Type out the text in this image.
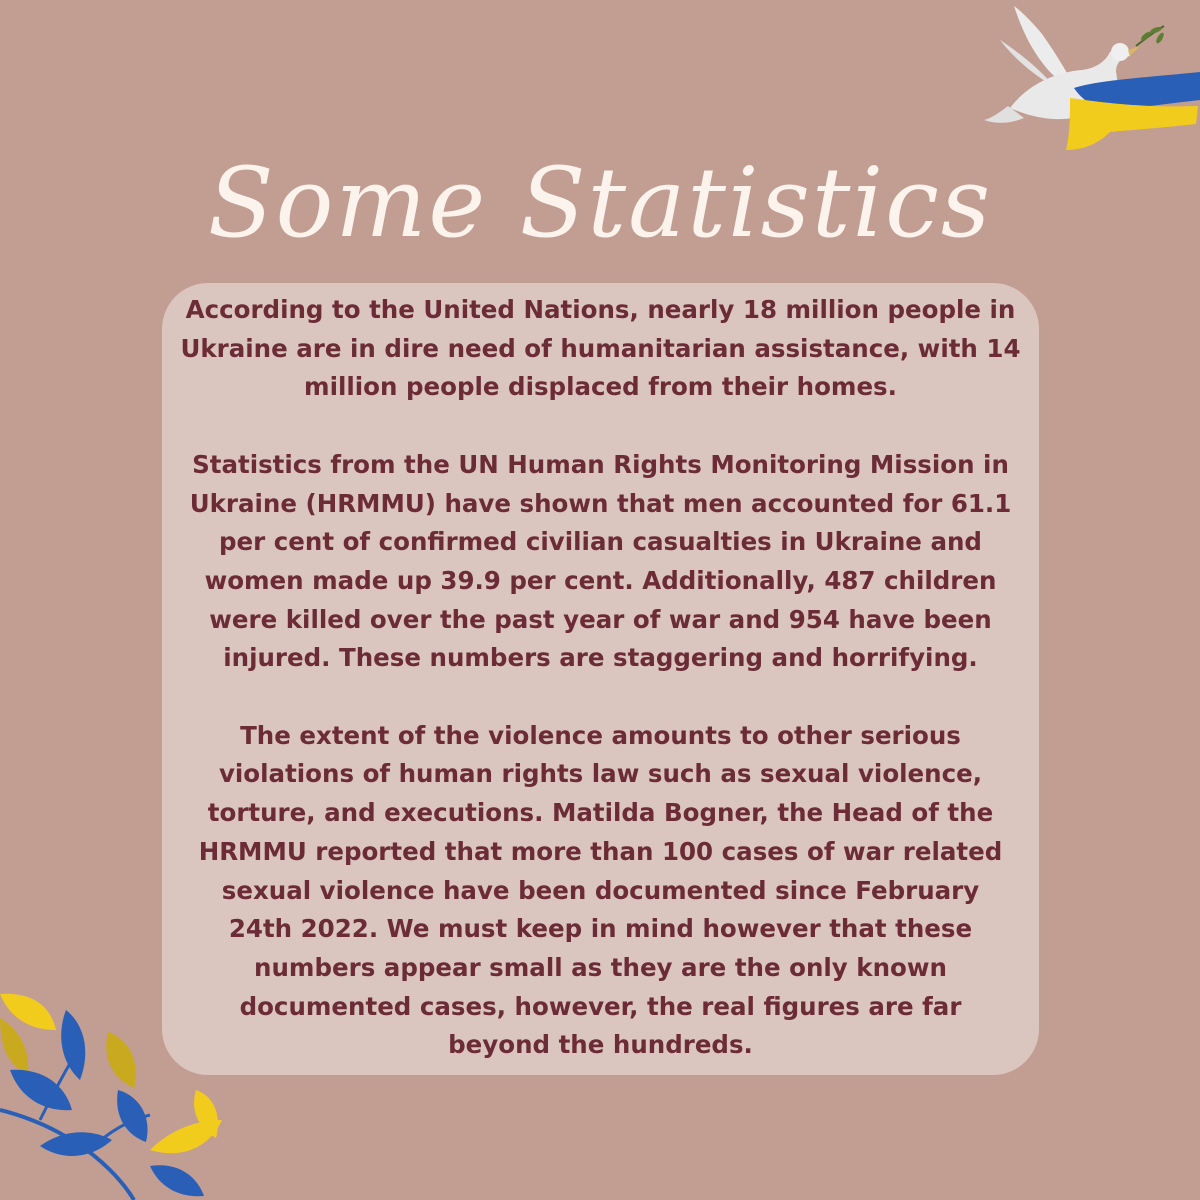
Some Statistics

According to the United Nations, nearly 18 million people in
Ukraine are in dire need of humanitarian assistance, with 14
million people displaced from their homes.

Statistics from the UN Human Rights Monitoring Mission in
Ukraine (HRMMU) have shown that men accounted for 61.1
per cent of confirmed civilian casualties in Ukraine and
women made up 39.9 per cent. Additionally, 487 children
were killed over the past year of war and 954 have been
injured. These numbers are staggering and horrifying.

The extent of the violence amounts to other serious
violations of human rights law such as sexual violence,
torture, and executions. Matilda Bogner, the Head of the
HRMMU reported that more than 100 cases of war related
sexual violence have been documented since February
24th 2022. We must keep in mind however that these
numbers appear small as they are the only known
documented cases, however, the real figures are far
beyond the hundreds.
